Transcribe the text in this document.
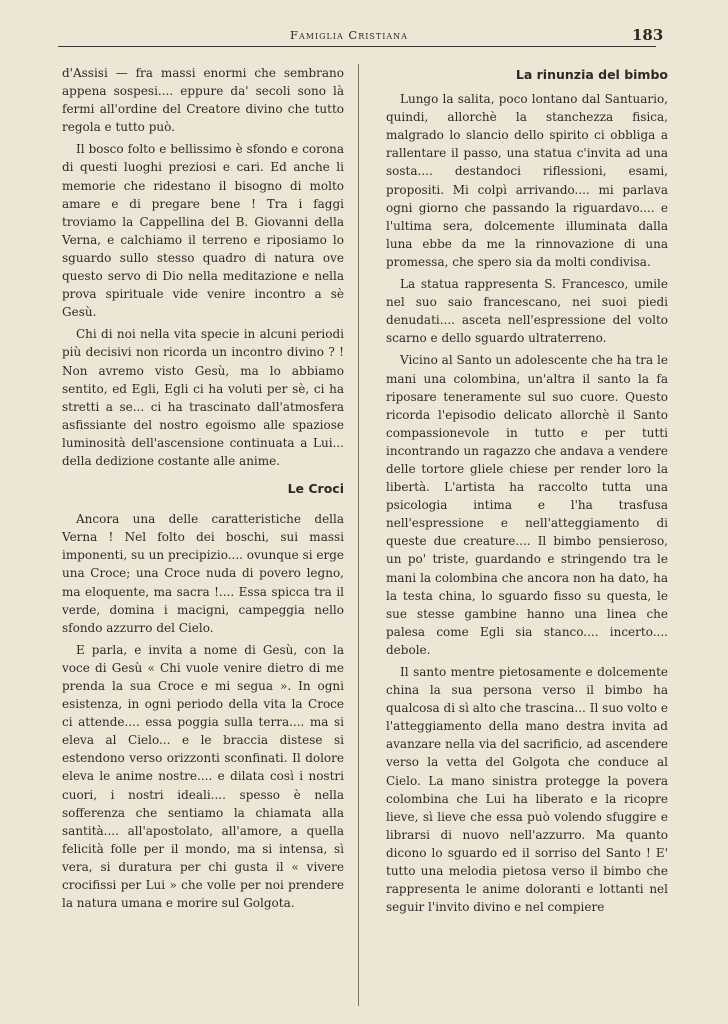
Famiglia Cristiana	183

d'Assisi — fra massi enormi che sembrano appena sospesi.... eppure da' secoli sono là fermi all'ordine del Creatore divino che tutto regola e tutto può.

Il bosco folto e bellissimo è sfondo e corona di questi luoghi preziosi e cari. Ed anche li memorie che ridestano il bisogno di molto amare e di pregare bene ! Tra i faggi troviamo la Cappellina del B. Giovanni della Verna, e calchiamo il terreno e riposiamo lo sguardo sullo stesso quadro di natura ove questo servo di Dio nella meditazione e nella prova spirituale vide venire incontro a sè Gesù.

Chi di noi nella vita specie in alcuni periodi più decisivi non ricorda un incontro divino ? ! Non avremo visto Gesù, ma lo abbiamo sentito, ed Egli, Egli ci ha voluti per sè, ci ha stretti a se... ci ha trascinato dall'atmosfera asfissiante del nostro egoismo alle spaziose luminosità dell'ascensione continuata a Lui... della dedizione costante alle anime.

Le Croci

Ancora una delle caratteristiche della Verna ! Nel folto dei boschi, sui massi imponenti, su un precipizio.... ovunque si erge una Croce; una Croce nuda di povero legno, ma eloquente, ma sacra !.... Essa spicca tra il verde, domina i macigni, campeggia nello sfondo azzurro del Cielo.

E parla, e invita a nome di Gesù, con la voce di Gesù « Chi vuole venire dietro di me prenda la sua Croce e mi segua ». In ogni esistenza, in ogni periodo della vita la Croce ci attende.... essa poggia sulla terra.... ma si eleva al Cielo... e le braccia distese si estendono verso orizzonti sconfinati. Il dolore eleva le anime nostre.... e dilata così i nostri cuori, i nostri ideali.... spesso è nella sofferenza che sentiamo la chiamata alla santità.... all'apostolato, all'amore, a quella felicità folle per il mondo, ma si intensa, sì vera, si duratura per chi gusta il « vivere crocifissi per Lui » che volle per noi prendere la natura umana e morire sul Golgota.

La rinunzia del bimbo

Lungo la salita, poco lontano dal Santuario, quindi, allorchè la stanchezza fisica, malgrado lo slancio dello spirito ci obbliga a rallentare il passo, una statua c'invita ad una sosta.... destandoci riflessioni, esami, propositi. Mi colpì arrivando.... mi parlava ogni giorno che passando la riguardavo.... e l'ultima sera, dolcemente illuminata dalla luna ebbe da me la rinnovazione di una promessa, che spero sia da molti condivisa.

La statua rappresenta S. Francesco, umile nel suo saio francescano, nei suoi piedi denudati.... asceta nell'espressione del volto scarno e dello sguardo ultraterreno.

Vicino al Santo un adolescente che ha tra le mani una colombina, un'altra il santo la fa riposare teneramente sul suo cuore. Questo ricorda l'episodio delicato allorchè il Santo compassionevole in tutto e per tutti incontrando un ragazzo che andava a vendere delle tortore gliele chiese per render loro la libertà. L'artista ha raccolto tutta una psicologia intima e l'ha trasfusa nell'espressione e nell'atteggiamento di queste due creature.... Il bimbo pensieroso, un po' triste, guardando e stringendo tra le mani la colombina che ancora non ha dato, ha la testa china, lo sguardo fisso su questa, le sue stesse gambine hanno una linea che palesa come Egli sia stanco.... incerto.... debole.

Il santo mentre pietosamente e dolcemente china la sua persona verso il bimbo ha qualcosa di sì alto che trascina... Il suo volto e l'atteggiamento della mano destra invita ad avanzare nella via del sacrificio, ad ascendere verso la vetta del Golgota che conduce al Cielo. La mano sinistra protegge la povera colombina che Lui ha liberato e la ricopre lieve, sì lieve che essa può volendo sfuggire e librarsi di nuovo nell'azzurro. Ma quanto dicono lo sguardo ed il sorriso del Santo ! E' tutto una melodia pietosa verso il bimbo che rappresenta le anime doloranti e lottanti nel seguir l'invito divino e nel compiere
